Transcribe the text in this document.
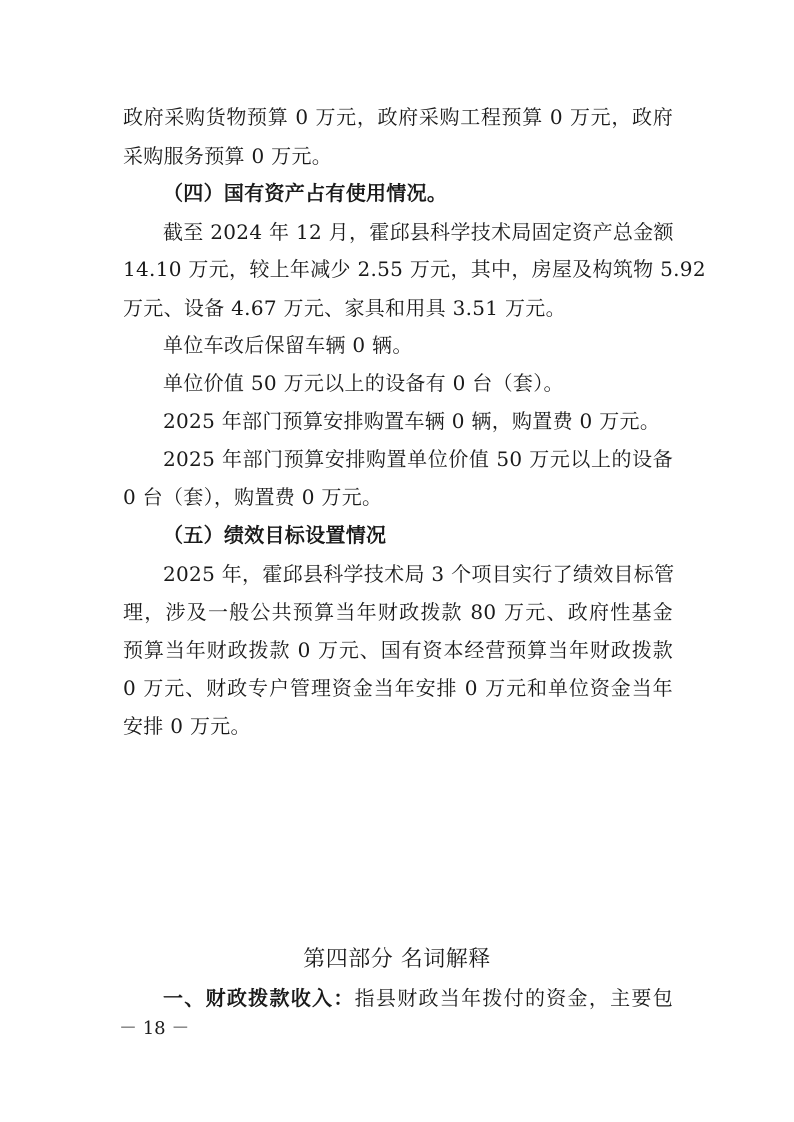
政府采购货物预算 0 万元，政府采购工程预算 0 万元，政府
采购服务预算 0 万元。
（四）国有资产占有使用情况。
截至 2024 年 12 月，霍邱县科学技术局固定资产总金额
14.10 万元，较上年减少 2.55 万元，其中，房屋及构筑物 5.92
万元、设备 4.67 万元、家具和用具 3.51 万元。
单位车改后保留车辆 0 辆。
单位价值 50 万元以上的设备有 0 台（套）。
2025 年部门预算安排购置车辆 0 辆，购置费 0 万元。
2025 年部门预算安排购置单位价值 50 万元以上的设备
0 台（套），购置费 0 万元。
（五）绩效目标设置情况
2025 年，霍邱县科学技术局 3 个项目实行了绩效目标管
理，涉及一般公共预算当年财政拨款 80 万元、政府性基金
预算当年财政拨款 0 万元、国有资本经营预算当年财政拨款
0 万元、财政专户管理资金当年安排 0 万元和单位资金当年
安排 0 万元。
第四部分 名词解释
一、财政拨款收入：指县财政当年拨付的资金，主要包
－ 18 －
